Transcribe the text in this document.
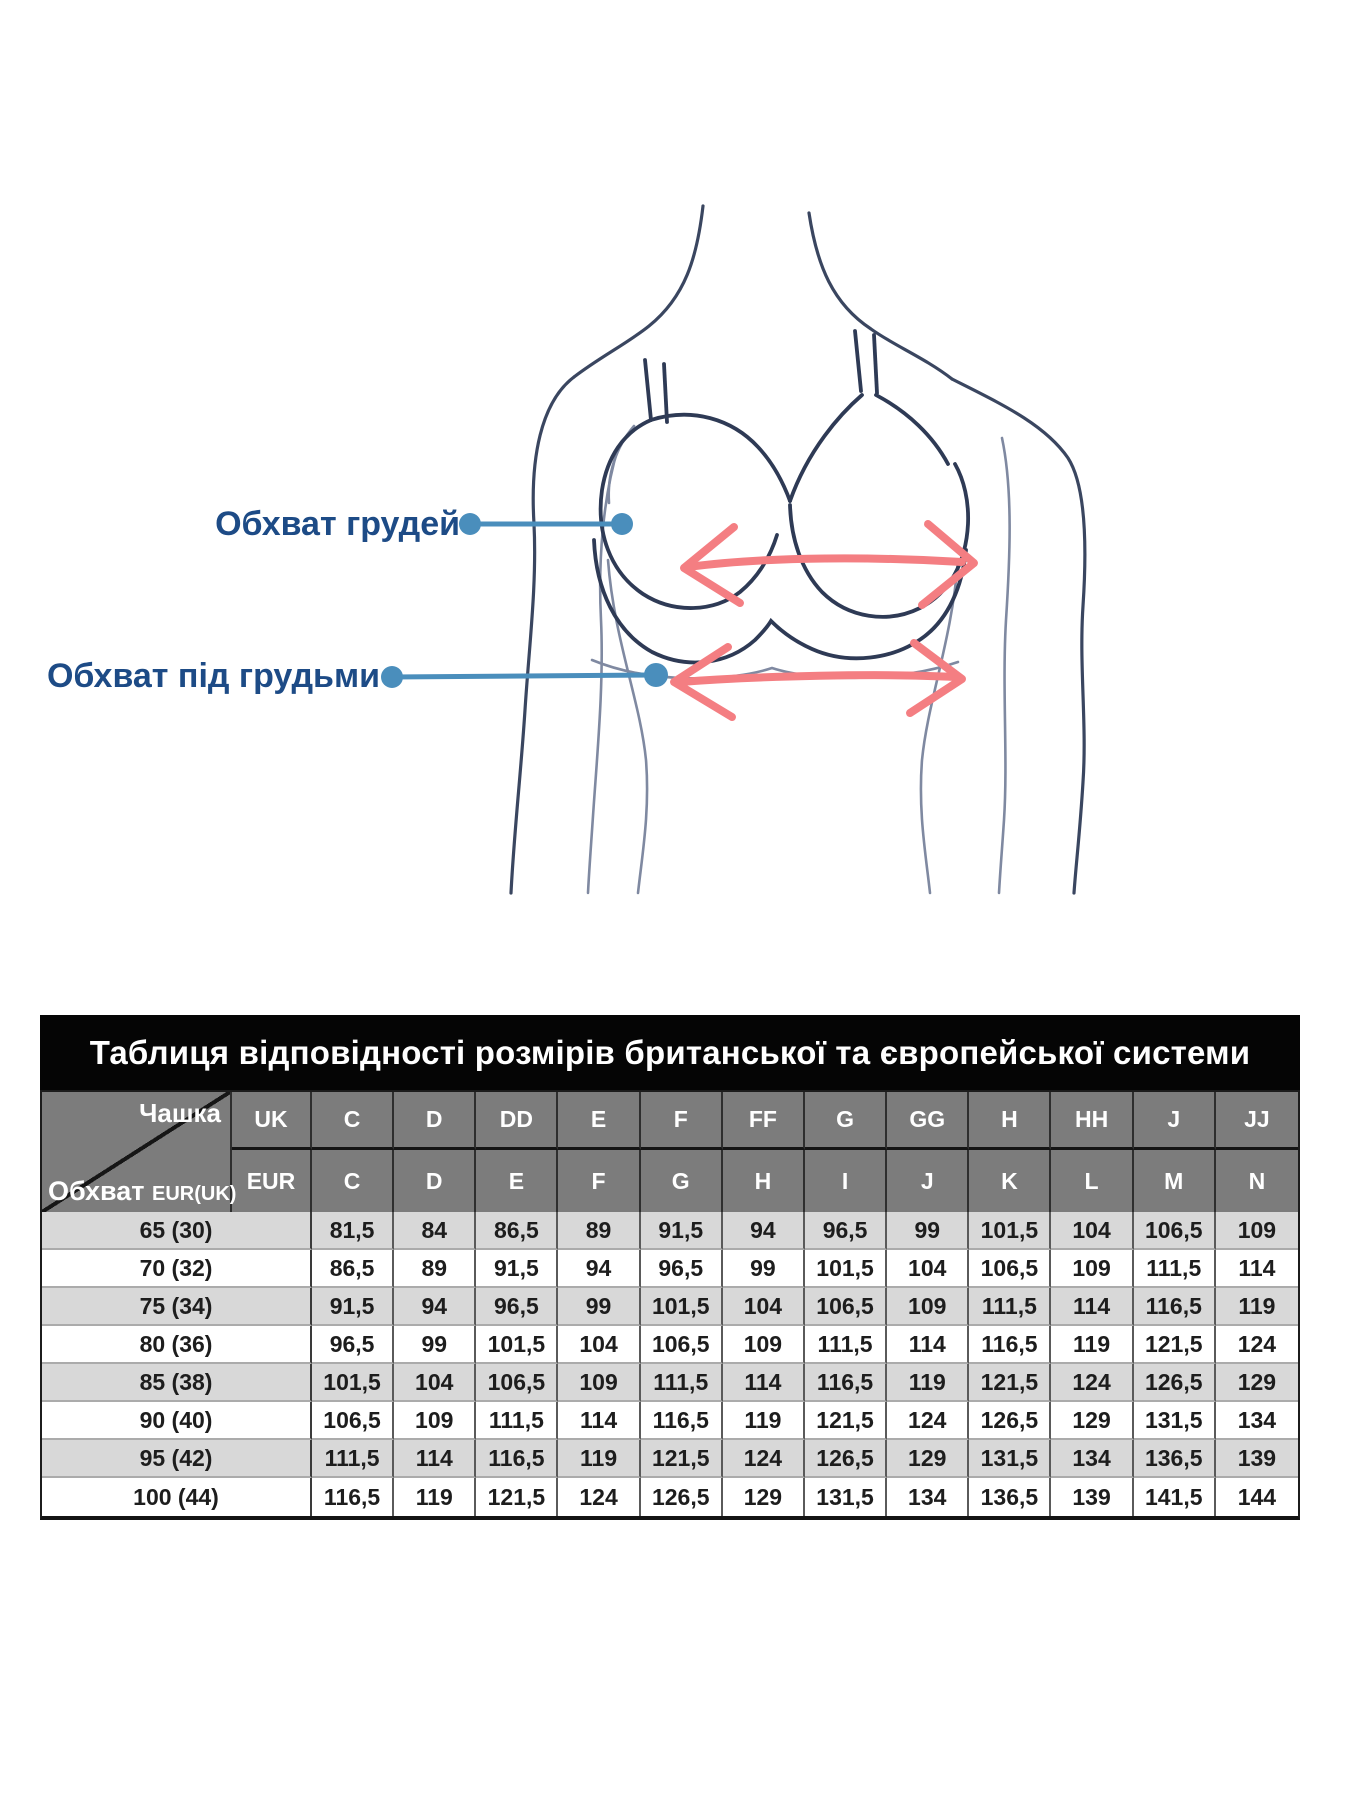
Обхват грудей
Обхват під грудьми
Таблиця відповідності розмірів британської та європейської системи
Чашка
Обхват EUR(UK)
UK	C	D	DD	E	F	FF	G	GG	H	HH	J	JJ
EUR	C	D	E	F	G	H	I	J	K	L	M	N
65 (30)	81,5	84	86,5	89	91,5	94	96,5	99	101,5	104	106,5	109
70 (32)	86,5	89	91,5	94	96,5	99	101,5	104	106,5	109	111,5	114
75 (34)	91,5	94	96,5	99	101,5	104	106,5	109	111,5	114	116,5	119
80 (36)	96,5	99	101,5	104	106,5	109	111,5	114	116,5	119	121,5	124
85 (38)	101,5	104	106,5	109	111,5	114	116,5	119	121,5	124	126,5	129
90 (40)	106,5	109	111,5	114	116,5	119	121,5	124	126,5	129	131,5	134
95 (42)	111,5	114	116,5	119	121,5	124	126,5	129	131,5	134	136,5	139
100 (44)	116,5	119	121,5	124	126,5	129	131,5	134	136,5	139	141,5	144
